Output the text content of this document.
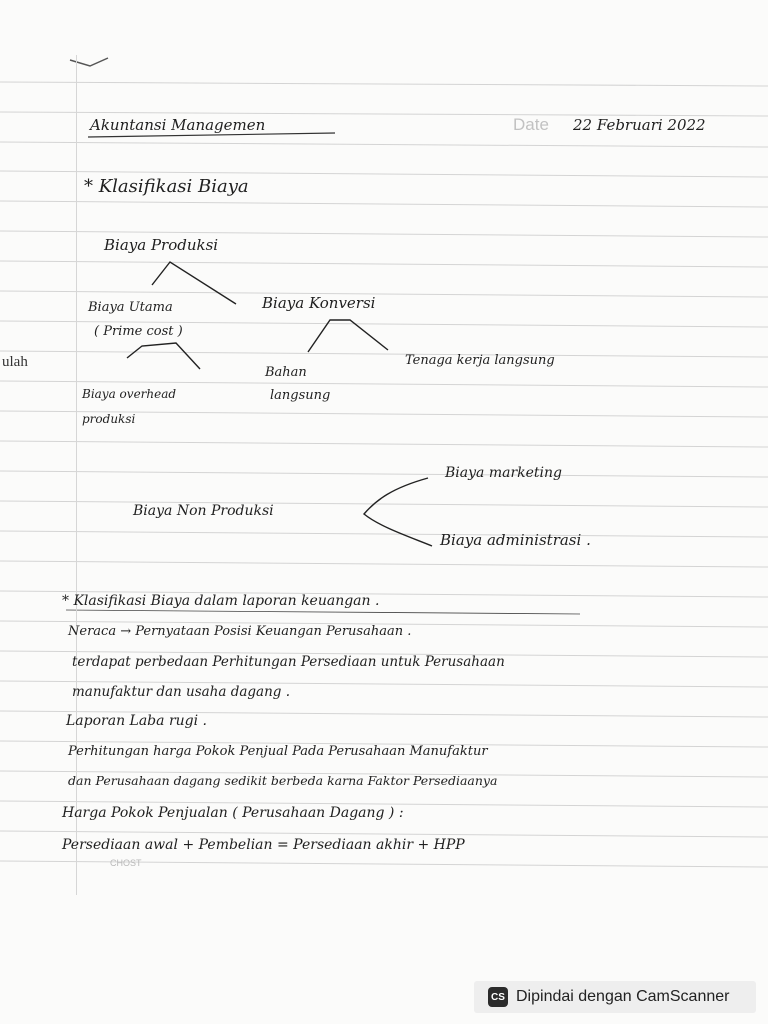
Akuntansi Managemen	Date 22 Februari 2022
ulah
* Klasifikasi Biaya
Biaya Produksi
Biaya Utama
( Prime cost )
Biaya Konversi
Biaya overhead
produksi
Bahan
langsung
Tenaga kerja langsung
Biaya Non Produksi
Biaya marketing
Biaya administrasi .
* Klasifikasi Biaya dalam laporan keuangan .
Neraca → Pernyataan Posisi Keuangan Perusahaan .
terdapat perbedaan Perhitungan Persediaan untuk Perusahaan
manufaktur dan usaha dagang .
Laporan Laba rugi .
Perhitungan harga Pokok Penjual Pada Perusahaan Manufaktur
dan Perusahaan dagang sedikit berbeda karna Faktor Persediaanya
Harga Pokok Penjualan ( Perusahaan Dagang ) :
Persediaan awal + Pembelian = Persediaan akhir + HPP
CHOST
CS Dipindai dengan CamScanner
